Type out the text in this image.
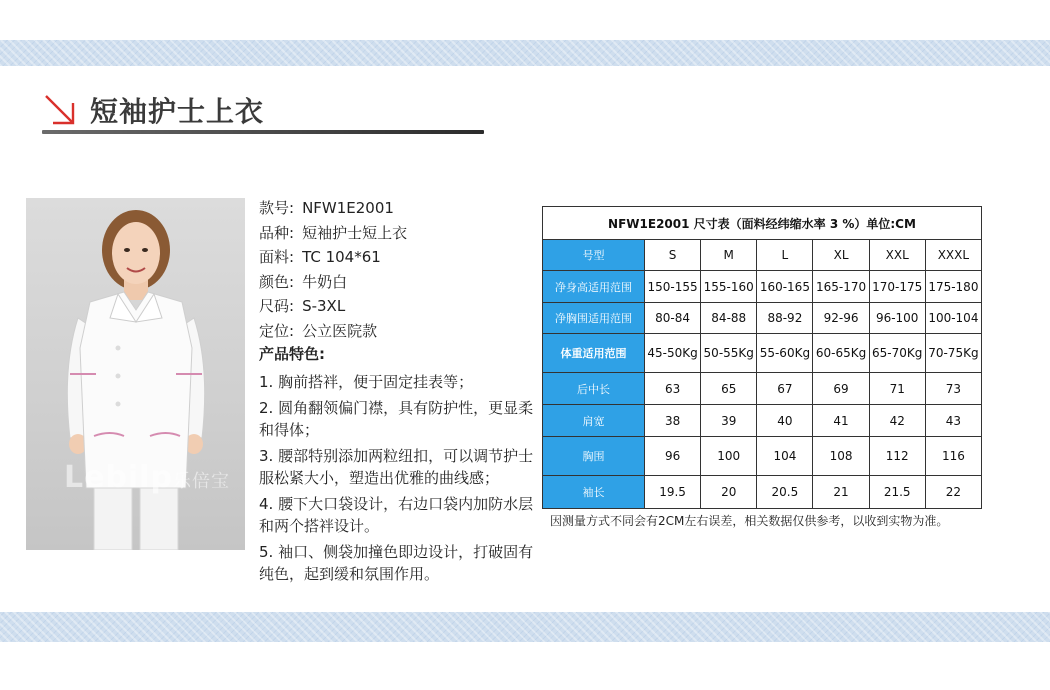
短袖护士上衣
Lebilp乐倍宝
款号: NFW1E2001
品种: 短袖护士短上衣
面料: TC 104*61
颜色: 牛奶白
尺码: S-3XL
定位: 公立医院款
产品特色:
1. 胸前搭袢，便于固定挂表等；
2. 圆角翻领偏门襟，具有防护性，更显柔和得体；
3. 腰部特别添加两粒纽扣，可以调节护士服松紧大小，塑造出优雅的曲线感；
4. 腰下大口袋设计，右边口袋内加防水层和两个搭袢设计。
5. 袖口、侧袋加撞色即边设计，打破固有纯色，起到缓和氛围作用。
NFW1E2001 尺寸表（面料经纬缩水率 3 %）单位:CM						
号型	S	M	L	XL	XXL	XXXL
净身高适用范围	150-155	155-160	160-165	165-170	170-175	175-180
净胸围适用范围	80-84	84-88	88-92	92-96	96-100	100-104
体重适用范围	45-50Kg	50-55Kg	55-60Kg	60-65Kg	65-70Kg	70-75Kg
后中长	63	65	67	69	71	73
肩宽	38	39	40	41	42	43
胸围	96	100	104	108	112	116
袖长	19.5	20	20.5	21	21.5	22
因测量方式不同会有2CM左右误差，相关数据仅供参考，以收到实物为准。
